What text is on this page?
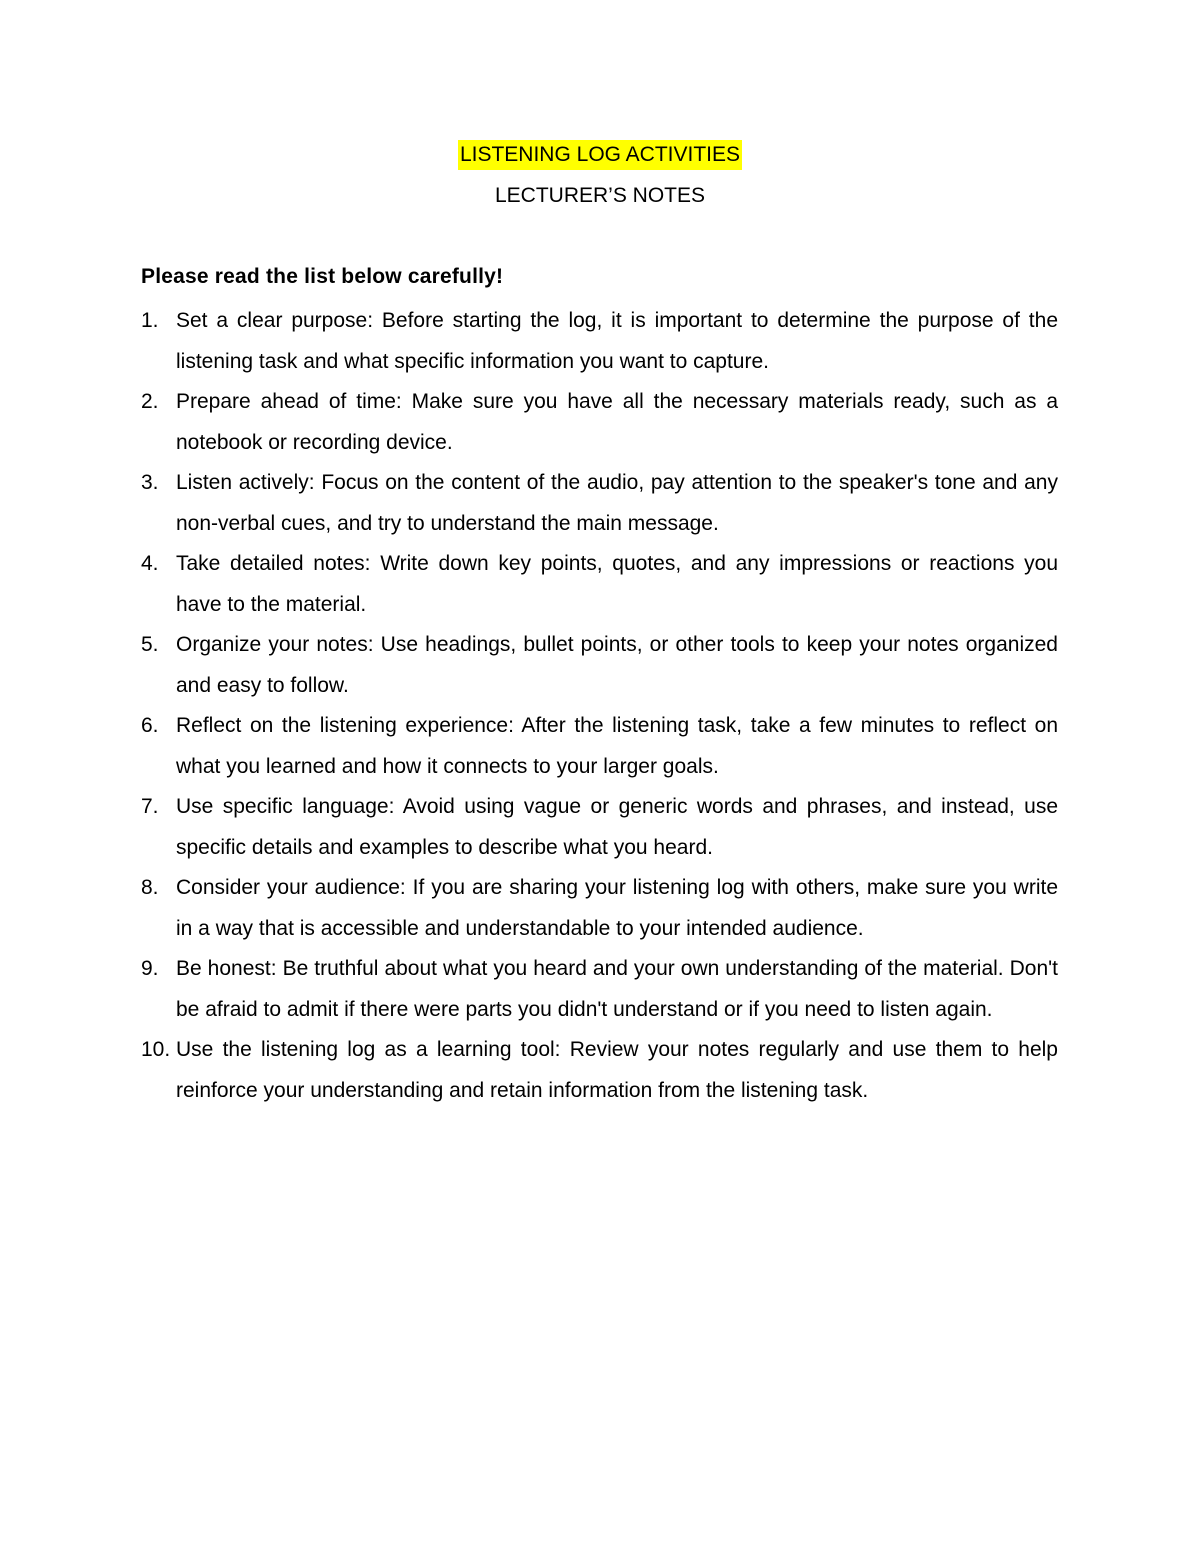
LISTENING LOG ACTIVITIES
LECTURER’S NOTES
Please read the list below carefully!
1. Set a clear purpose: Before starting the log, it is important to determine the purpose of the listening task and what specific information you want to capture.
2. Prepare ahead of time: Make sure you have all the necessary materials ready, such as a notebook or recording device.
3. Listen actively: Focus on the content of the audio, pay attention to the speaker's tone and any non-verbal cues, and try to understand the main message.
4. Take detailed notes: Write down key points, quotes, and any impressions or reactions you have to the material.
5. Organize your notes: Use headings, bullet points, or other tools to keep your notes organized and easy to follow.
6. Reflect on the listening experience: After the listening task, take a few minutes to reflect on what you learned and how it connects to your larger goals.
7. Use specific language: Avoid using vague or generic words and phrases, and instead, use specific details and examples to describe what you heard.
8. Consider your audience: If you are sharing your listening log with others, make sure you write in a way that is accessible and understandable to your intended audience.
9. Be honest: Be truthful about what you heard and your own understanding of the material. Don't be afraid to admit if there were parts you didn't understand or if you need to listen again.
10. Use the listening log as a learning tool: Review your notes regularly and use them to help reinforce your understanding and retain information from the listening task.
